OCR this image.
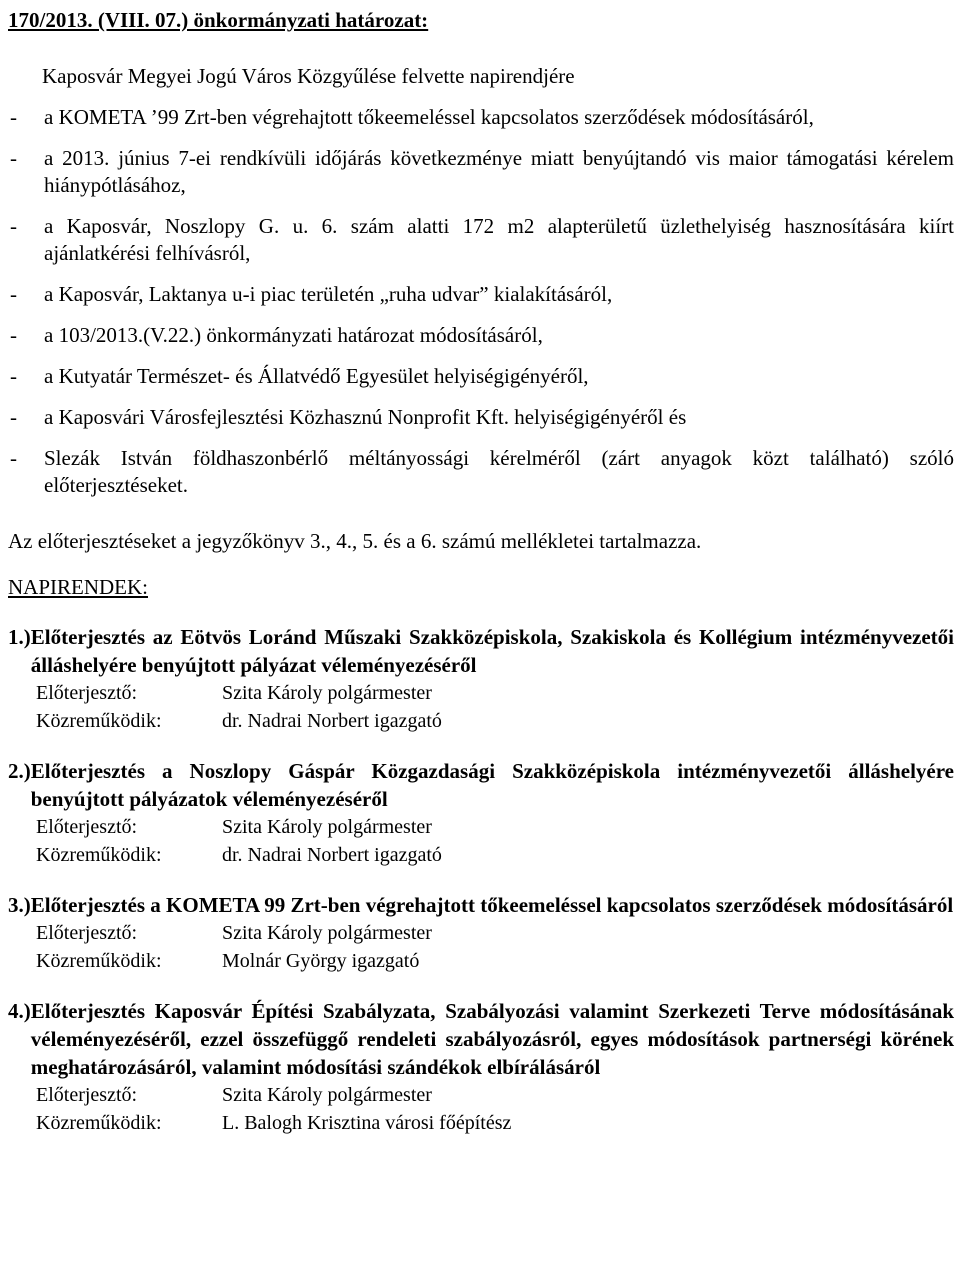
170/2013. (VIII. 07.) önkormányzati határozat:
Kaposvár Megyei Jogú Város Közgyűlése felvette napirendjére
-	a KOMETA ’99 Zrt-ben végrehajtott tőkeemeléssel kapcsolatos szerződések módosításáról,
-	a 2013. június 7-ei rendkívüli időjárás következménye miatt benyújtandó vis maior támogatási kérelem hiánypótlásához,
-	a Kaposvár, Noszlopy G. u. 6. szám alatti 172 m2 alapterületű üzlethelyiség hasznosítására kiírt ajánlatkérési felhívásról,
-	a Kaposvár, Laktanya u-i piac területén „ruha udvar” kialakításáról,
-	a 103/2013.(V.22.) önkormányzati határozat módosításáról,
-	a Kutyatár Természet- és Állatvédő Egyesület helyiségigényéről,
-	a Kaposvári Városfejlesztési Közhasznú Nonprofit Kft. helyiségigényéről és
-	Slezák István földhaszonbérlő méltányossági kérelméről (zárt anyagok közt található) szóló előterjesztéseket.
Az előterjesztéseket a jegyzőkönyv 3., 4., 5. és a 6. számú mellékletei tartalmazza.
NAPIRENDEK:
1.) Előterjesztés az Eötvös Loránd Műszaki Szakközépiskola, Szakiskola és Kollégium intézményvezetői álláshelyére benyújtott pályázat véleményezéséről
Előterjesztő:	Szita Károly polgármester
Közreműködik:	dr. Nadrai Norbert igazgató
2.) Előterjesztés a Noszlopy Gáspár Közgazdasági Szakközépiskola intézményvezetői álláshelyére benyújtott pályázatok véleményezéséről
Előterjesztő:	Szita Károly polgármester
Közreműködik:	dr. Nadrai Norbert igazgató
3.) Előterjesztés a KOMETA 99 Zrt-ben végrehajtott tőkeemeléssel kapcsolatos szerződések módosításáról
Előterjesztő:	Szita Károly polgármester
Közreműködik:	Molnár György igazgató
4.) Előterjesztés Kaposvár Építési Szabályzata, Szabályozási valamint Szerkezeti Terve módosításának véleményezéséről, ezzel összefüggő rendeleti szabályozásról, egyes módosítások partnerségi körének meghatározásáról, valamint módosítási szándékok elbírálásáról
Előterjesztő:	Szita Károly polgármester
Közreműködik:	L. Balogh Krisztina városi főépítész
